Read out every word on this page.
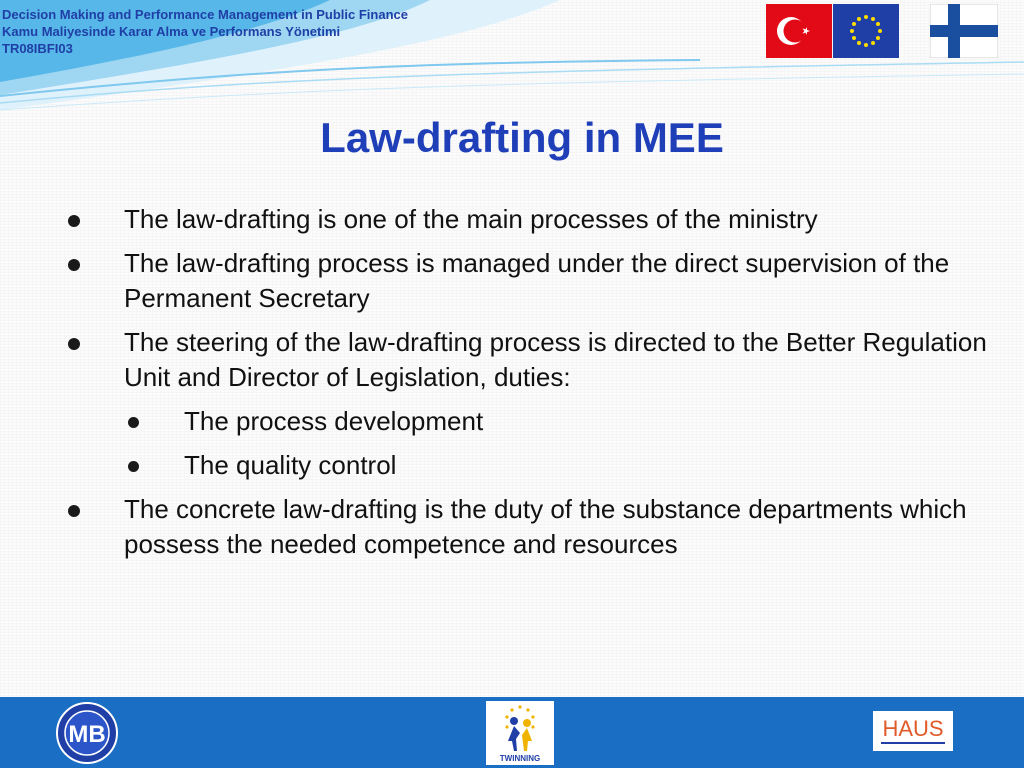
Decision Making and Performance Management in Public Finance
Kamu Maliyesinde Karar Alma ve Performans Yönetimi
TR08IBFI03
Law-drafting in MEE
The law-drafting is one of the main processes of the ministry
The law-drafting process is managed under the direct supervision of the Permanent Secretary
The steering of the law-drafting process is directed to the Better Regulation Unit and Director of Legislation, duties:
The process development
The quality control
The concrete law-drafting is the duty of the substance departments which possess the needed competence and resources
MB
TWINNING
HAUS
